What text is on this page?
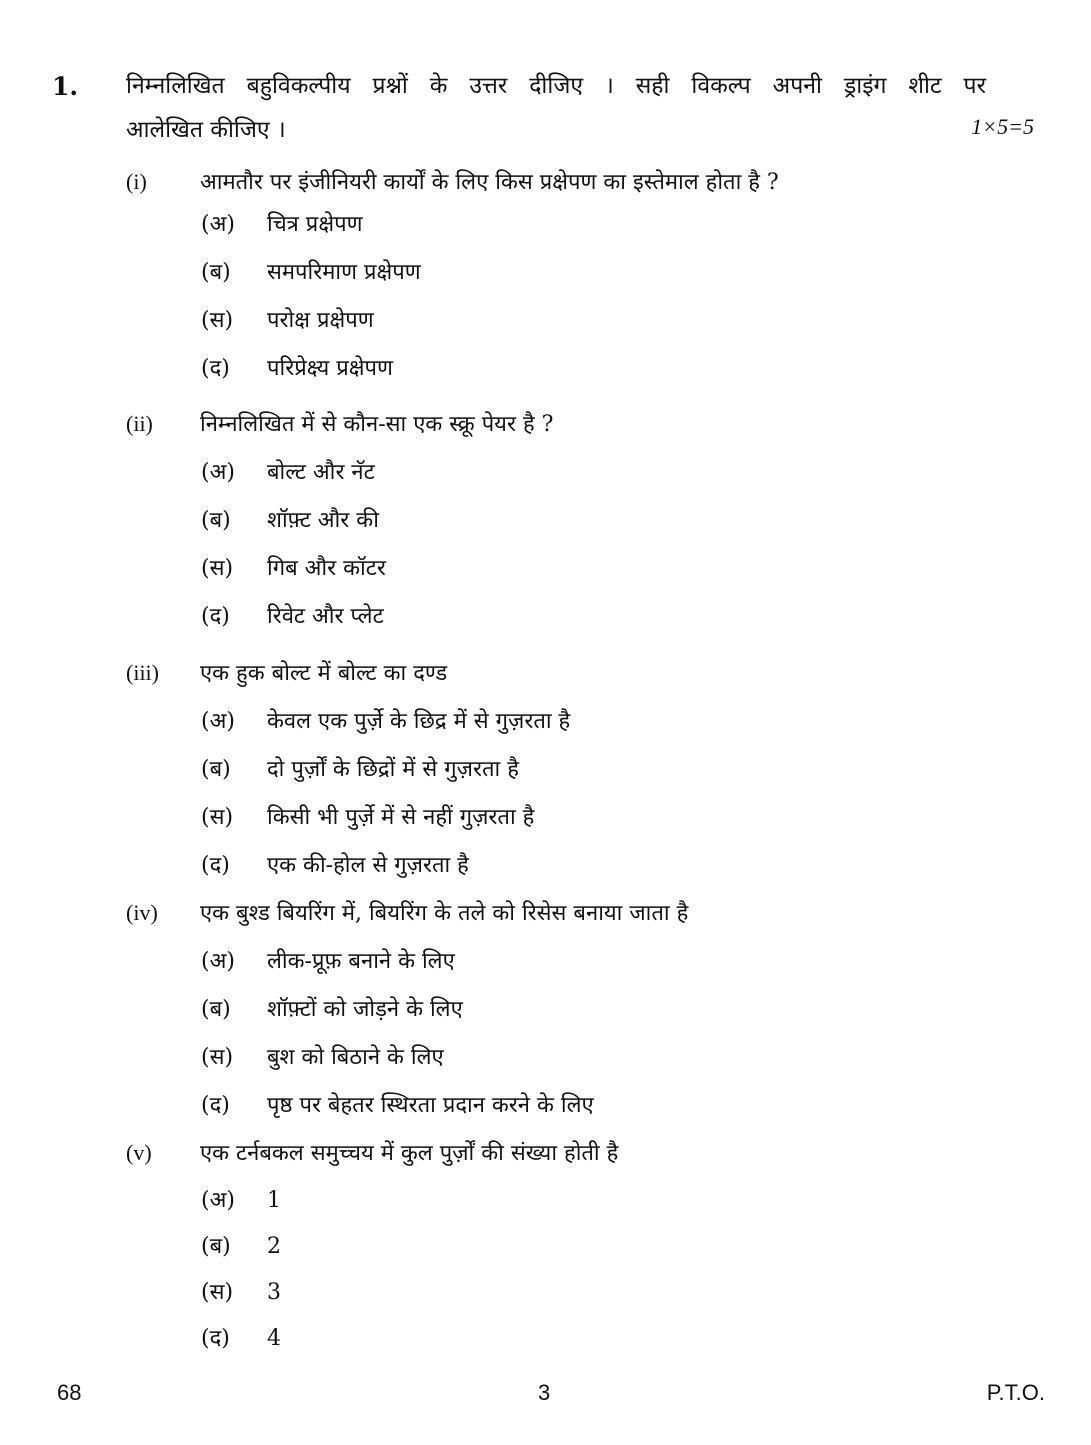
1. निम्नलिखित बहुविकल्पीय प्रश्नों के उत्तर दीजिए । सही विकल्प अपनी ड्राइंग शीट पर
आलेखित कीजिए ।	1×5=5
(i) आमतौर पर इंजीनियरी कार्यों के लिए किस प्रक्षेपण का इस्तेमाल होता है ?
(अ) चित्र प्रक्षेपण
(ब) समपरिमाण प्रक्षेपण
(स) परोक्ष प्रक्षेपण
(द) परिप्रेक्ष्य प्रक्षेपण
(ii) निम्नलिखित में से कौन-सा एक स्क्रू पेयर है ?
(अ) बोल्ट और नॅट
(ब) शॉफ़्ट और की
(स) गिब और कॉटर
(द) रिवेट और प्लेट
(iii) एक हुक बोल्ट में बोल्ट का दण्ड
(अ) केवल एक पुर्ज़े के छिद्र में से गुज़रता है
(ब) दो पुर्ज़ों के छिद्रों में से गुज़रता है
(स) किसी भी पुर्ज़े में से नहीं गुज़रता है
(द) एक की-होल से गुज़रता है
(iv) एक बुश्ड बियरिंग में, बियरिंग के तले को रिसेस बनाया जाता है
(अ) लीक-प्रूफ़ बनाने के लिए
(ब) शॉफ़्टों को जोड़ने के लिए
(स) बुश को बिठाने के लिए
(द) पृष्ठ पर बेहतर स्थिरता प्रदान करने के लिए
(v) एक टर्नबकल समुच्चय में कुल पुर्ज़ों की संख्या होती है
(अ) 1
(ब) 2
(स) 3
(द) 4
68	3	P.T.O.
